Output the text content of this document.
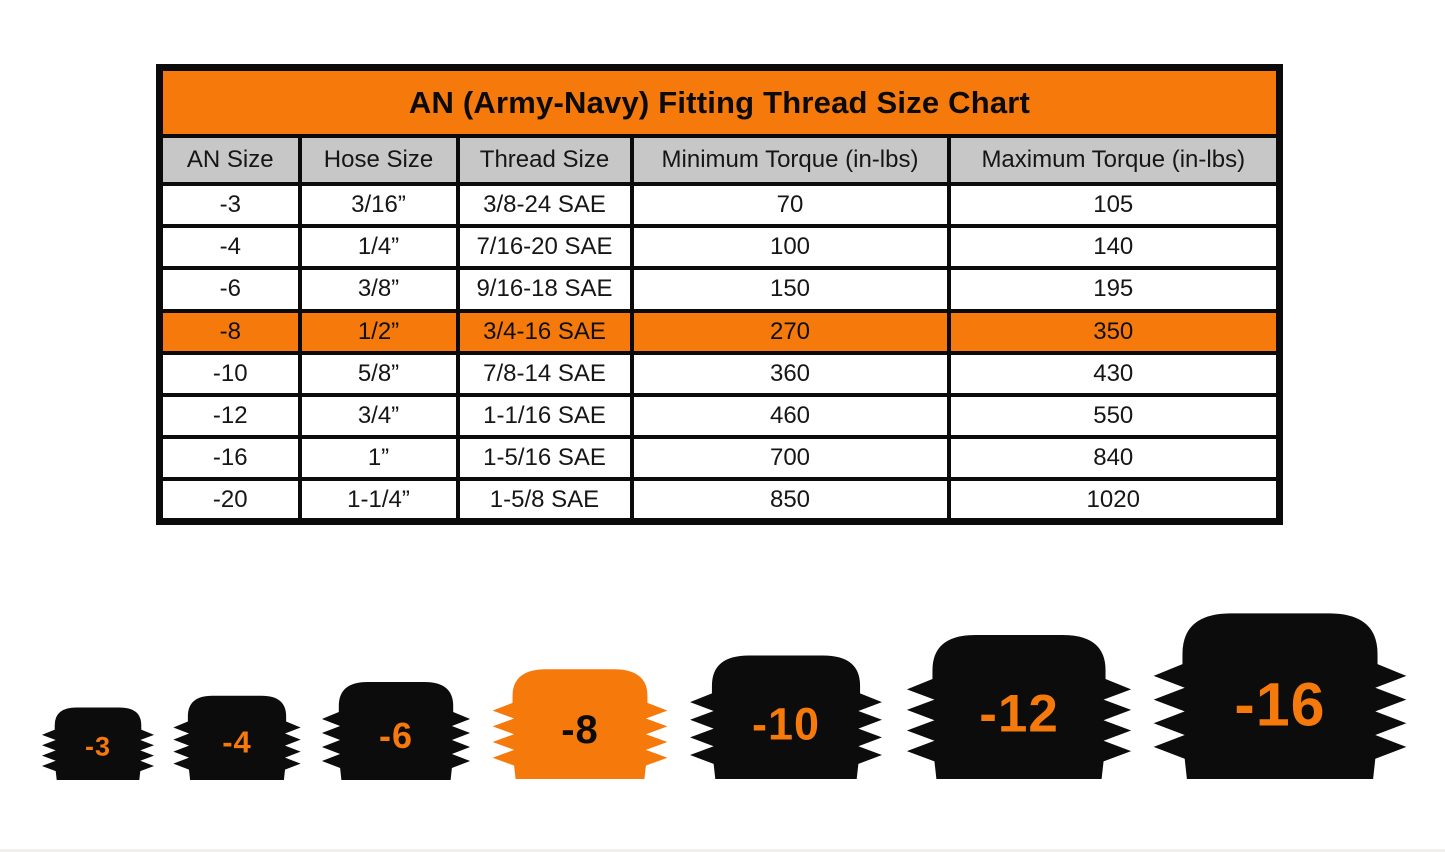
AN (Army-Navy) Fitting Thread Size Chart				
AN Size	Hose Size	Thread Size	Minimum Torque (in-lbs)	Maximum Torque (in-lbs)
-3	3/16”	3/8-24 SAE	70	105
-4	1/4”	7/16-20 SAE	100	140
-6	3/8”	9/16-18 SAE	150	195
-8	1/2”	3/4-16 SAE	270	350
-10	5/8”	7/8-14 SAE	360	430
-12	3/4”	1-1/16 SAE	460	550
-16	1”	1-5/16 SAE	700	840
-20	1-1/4”	1-5/8 SAE	850	1020
-3	-4	-6	-8	-10	-12	-16
